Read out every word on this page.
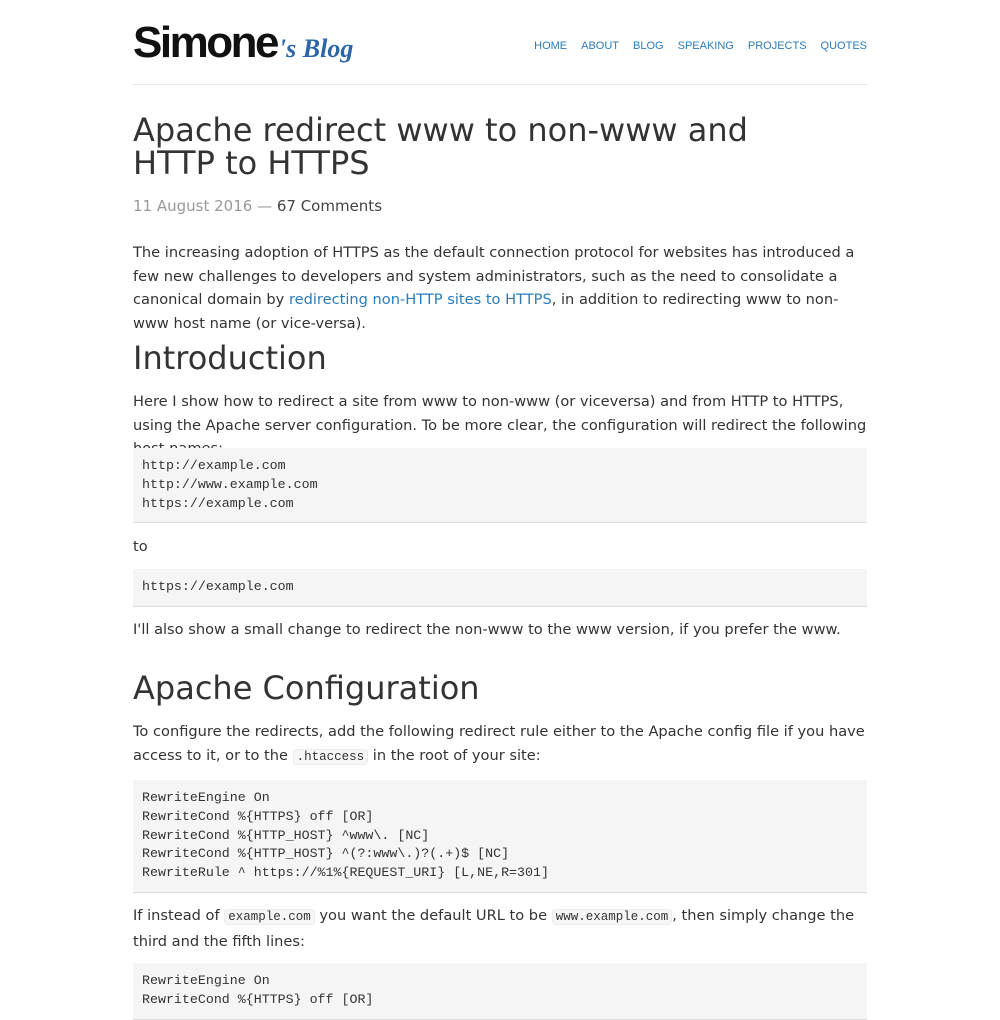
Simone's Blog	HOME ABOUT BLOG SPEAKING PROJECTS QUOTES
Apache redirect www to non-www and HTTP to HTTPS
11 August 2016 — 67 Comments

The increasing adoption of HTTPS as the default connection protocol for websites has introduced a few new challenges to developers and system administrators, such as the need to consolidate a canonical domain by redirecting non-HTTP sites to HTTPS, in addition to redirecting www to non-www host name (or vice-versa).

Introduction

Here I show how to redirect a site from www to non-www (or viceversa) and from HTTP to HTTPS, using the Apache server configuration. To be more clear, the configuration will redirect the following

http://example.com
http://www.example.com
https://example.com

to

https://example.com

I'll also show a small change to redirect the non-www to the www version, if you prefer the www.

Apache Configuration

To configure the redirects, add the following redirect rule either to the Apache config file if you have access to it, or to the .htaccess in the root of your site:

RewriteEngine On
RewriteCond %{HTTPS} off [OR]
RewriteCond %{HTTP_HOST} ^www\. [NC]
RewriteCond %{HTTP_HOST} ^(?:www\.)?(.+)$ [NC]
RewriteRule ^ https://%1%{REQUEST_URI} [L,NE,R=301]

If instead of example.com you want the default URL to be www.example.com , then simply change the third and the fifth lines:

RewriteEngine On
RewriteCond %{HTTPS} off [OR]
